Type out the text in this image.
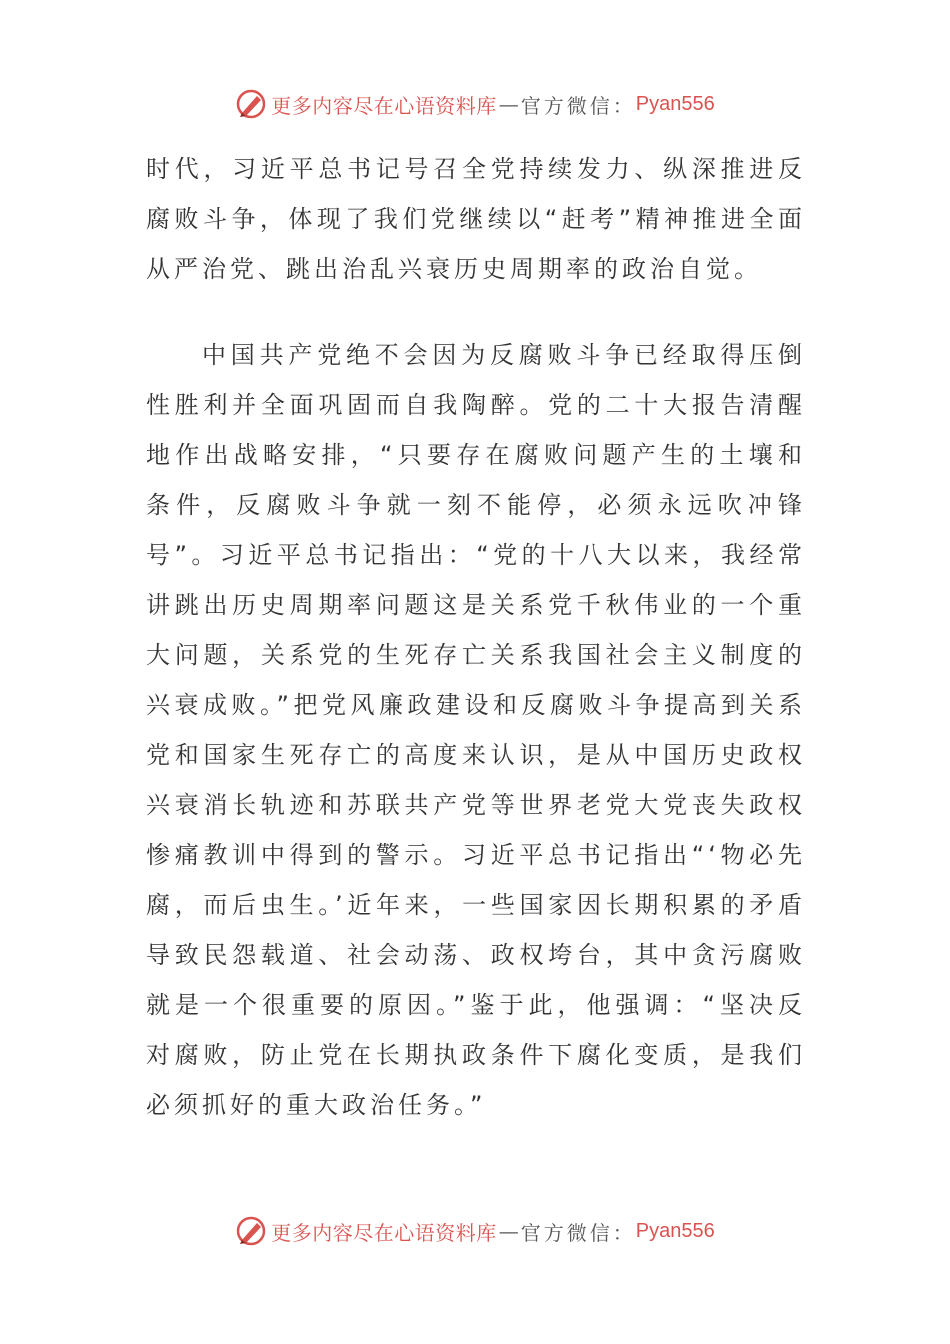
更多内容尽在心语资料库 — 官方微信： Pyan556

时代，习近平总书记号召全党持续发力、纵深推进反腐败斗争，体现了我们党继续以“赶考”精神推进全面从严治党、跳出治乱兴衰历史周期率的政治自觉。

中国共产党绝不会因为反腐败斗争已经取得压倒性胜利并全面巩固而自我陶醉。党的二十大报告清醒地作出战略安排，“只要存在腐败问题产生的土壤和条件，反腐败斗争就一刻不能停，必须永远吹冲锋号”。习近平总书记指出：“党的十八大以来，我经常讲跳出历史周期率问题这是关系党千秋伟业的一个重大问题，关系党的生死存亡关系我国社会主义制度的兴衰成败。”把党风廉政建设和反腐败斗争提高到关系党和国家生死存亡的高度来认识，是从中国历史政权兴衰消长轨迹和苏联共产党等世界老党大党丧失政权惨痛教训中得到的警示。习近平总书记指出“‘物必先腐，而后虫生。’近年来，一些国家因长期积累的矛盾导致民怨载道、社会动荡、政权垮台，其中贪污腐败就是一个很重要的原因。”鉴于此，他强调：“坚决反对腐败，防止党在长期执政条件下腐化变质，是我们必须抓好的重大政治任务。”

更多内容尽在心语资料库 — 官方微信： Pyan556
